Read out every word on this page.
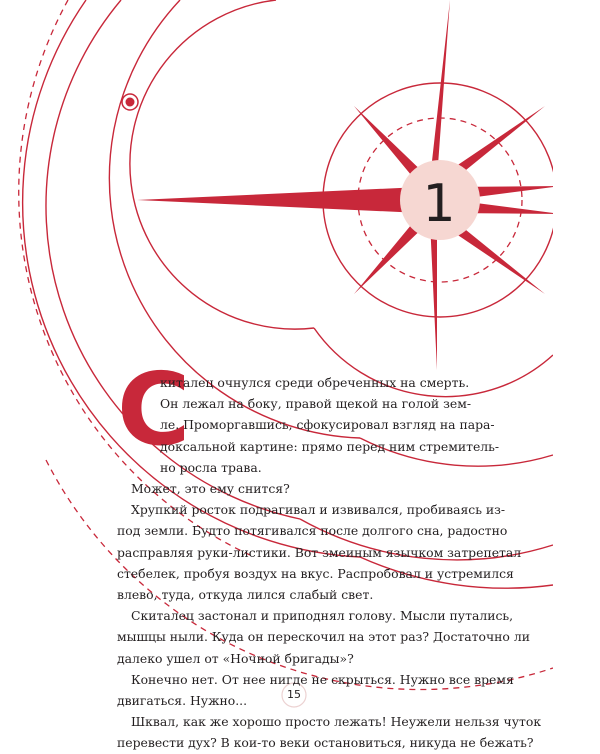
1
С
киталец очнулся среди обреченных на смерть.
Он лежал на боку, правой щекой на голой зем-
ле. Проморгавшись, сфокусировал взгляд на пара-
доксальной картине: прямо перед ним стремитель-
но росла трава.
Может, это ему снится?
Хрупкий росток подрагивал и извивался, пробиваясь из-
под земли. Будто потягивался после долгого сна, радостно
расправляя руки-листики. Вот змеиным язычком затрепетал
стебелек, пробуя воздух на вкус. Распробовал и устремился
влево, туда, откуда лился слабый свет.
Скиталец застонал и приподнял голову. Мысли путались,
мышцы ныли. Куда он перескочил на этот раз? Достаточно ли
далеко ушел от «Ночной бригады»?
Конечно нет. От нее нигде не скрыться. Нужно все время
двигаться. Нужно...
Шквал, как же хорошо просто лежать! Неужели нельзя чуток
перевести дух? В кои-то веки остановиться, никуда не бежать?
15
